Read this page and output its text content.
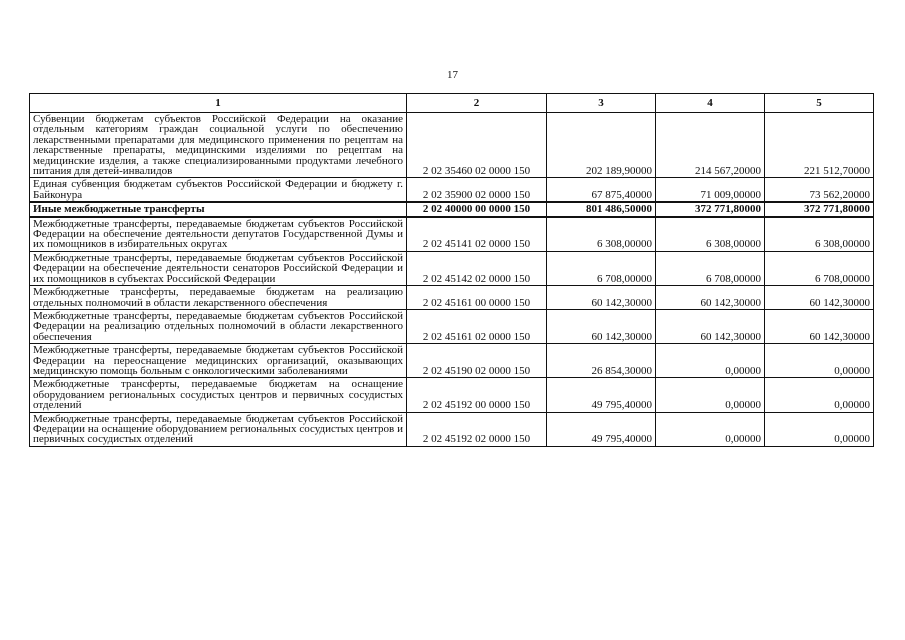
17
1	2	3	4	5
Субвенции бюджетам субъектов Российской Федерации на оказание отдельным категориям граждан социальной услуги по обеспечению лекарственными препаратами для медицинского применения по рецептам на лекарственные препараты, медицинскими изделиями по рецептам на медицинские изделия, а также специализированными продуктами лечебного питания для детей-инвалидов	2 02 35460 02 0000 150	202 189,90000	214 567,20000	221 512,70000
Единая субвенция бюджетам субъектов Российской Федерации и бюджету г. Байконура	2 02 35900 02 0000 150	67 875,40000	71 009,00000	73 562,20000
Иные межбюджетные трансферты	2 02 40000 00 0000 150	801 486,50000	372 771,80000	372 771,80000
Межбюджетные трансферты, передаваемые бюджетам субъектов Российской Федерации на обеспечение деятельности депутатов Государственной Думы и их помощников в избирательных округах	2 02 45141 02 0000 150	6 308,00000	6 308,00000	6 308,00000
Межбюджетные трансферты, передаваемые бюджетам субъектов Российской Федерации на обеспечение деятельности сенаторов Российской Федерации и их помощников в субъектах Российской Федерации	2 02 45142 02 0000 150	6 708,00000	6 708,00000	6 708,00000
Межбюджетные трансферты, передаваемые бюджетам на реализацию отдельных полномочий в области лекарственного обеспечения	2 02 45161 00 0000 150	60 142,30000	60 142,30000	60 142,30000
Межбюджетные трансферты, передаваемые бюджетам субъектов Российской Федерации на реализацию отдельных полномочий в области лекарственного обеспечения	2 02 45161 02 0000 150	60 142,30000	60 142,30000	60 142,30000
Межбюджетные трансферты, передаваемые бюджетам субъектов Российской Федерации на переоснащение медицинских организаций, оказывающих медицинскую помощь больным с онкологическими заболеваниями	2 02 45190 02 0000 150	26 854,30000	0,00000	0,00000
Межбюджетные трансферты, передаваемые бюджетам на оснащение оборудованием региональных сосудистых центров и первичных сосудистых отделений	2 02 45192 00 0000 150	49 795,40000	0,00000	0,00000
Межбюджетные трансферты, передаваемые бюджетам субъектов Российской Федерации на оснащение оборудованием региональных сосудистых центров и первичных сосудистых отделений	2 02 45192 02 0000 150	49 795,40000	0,00000	0,00000
